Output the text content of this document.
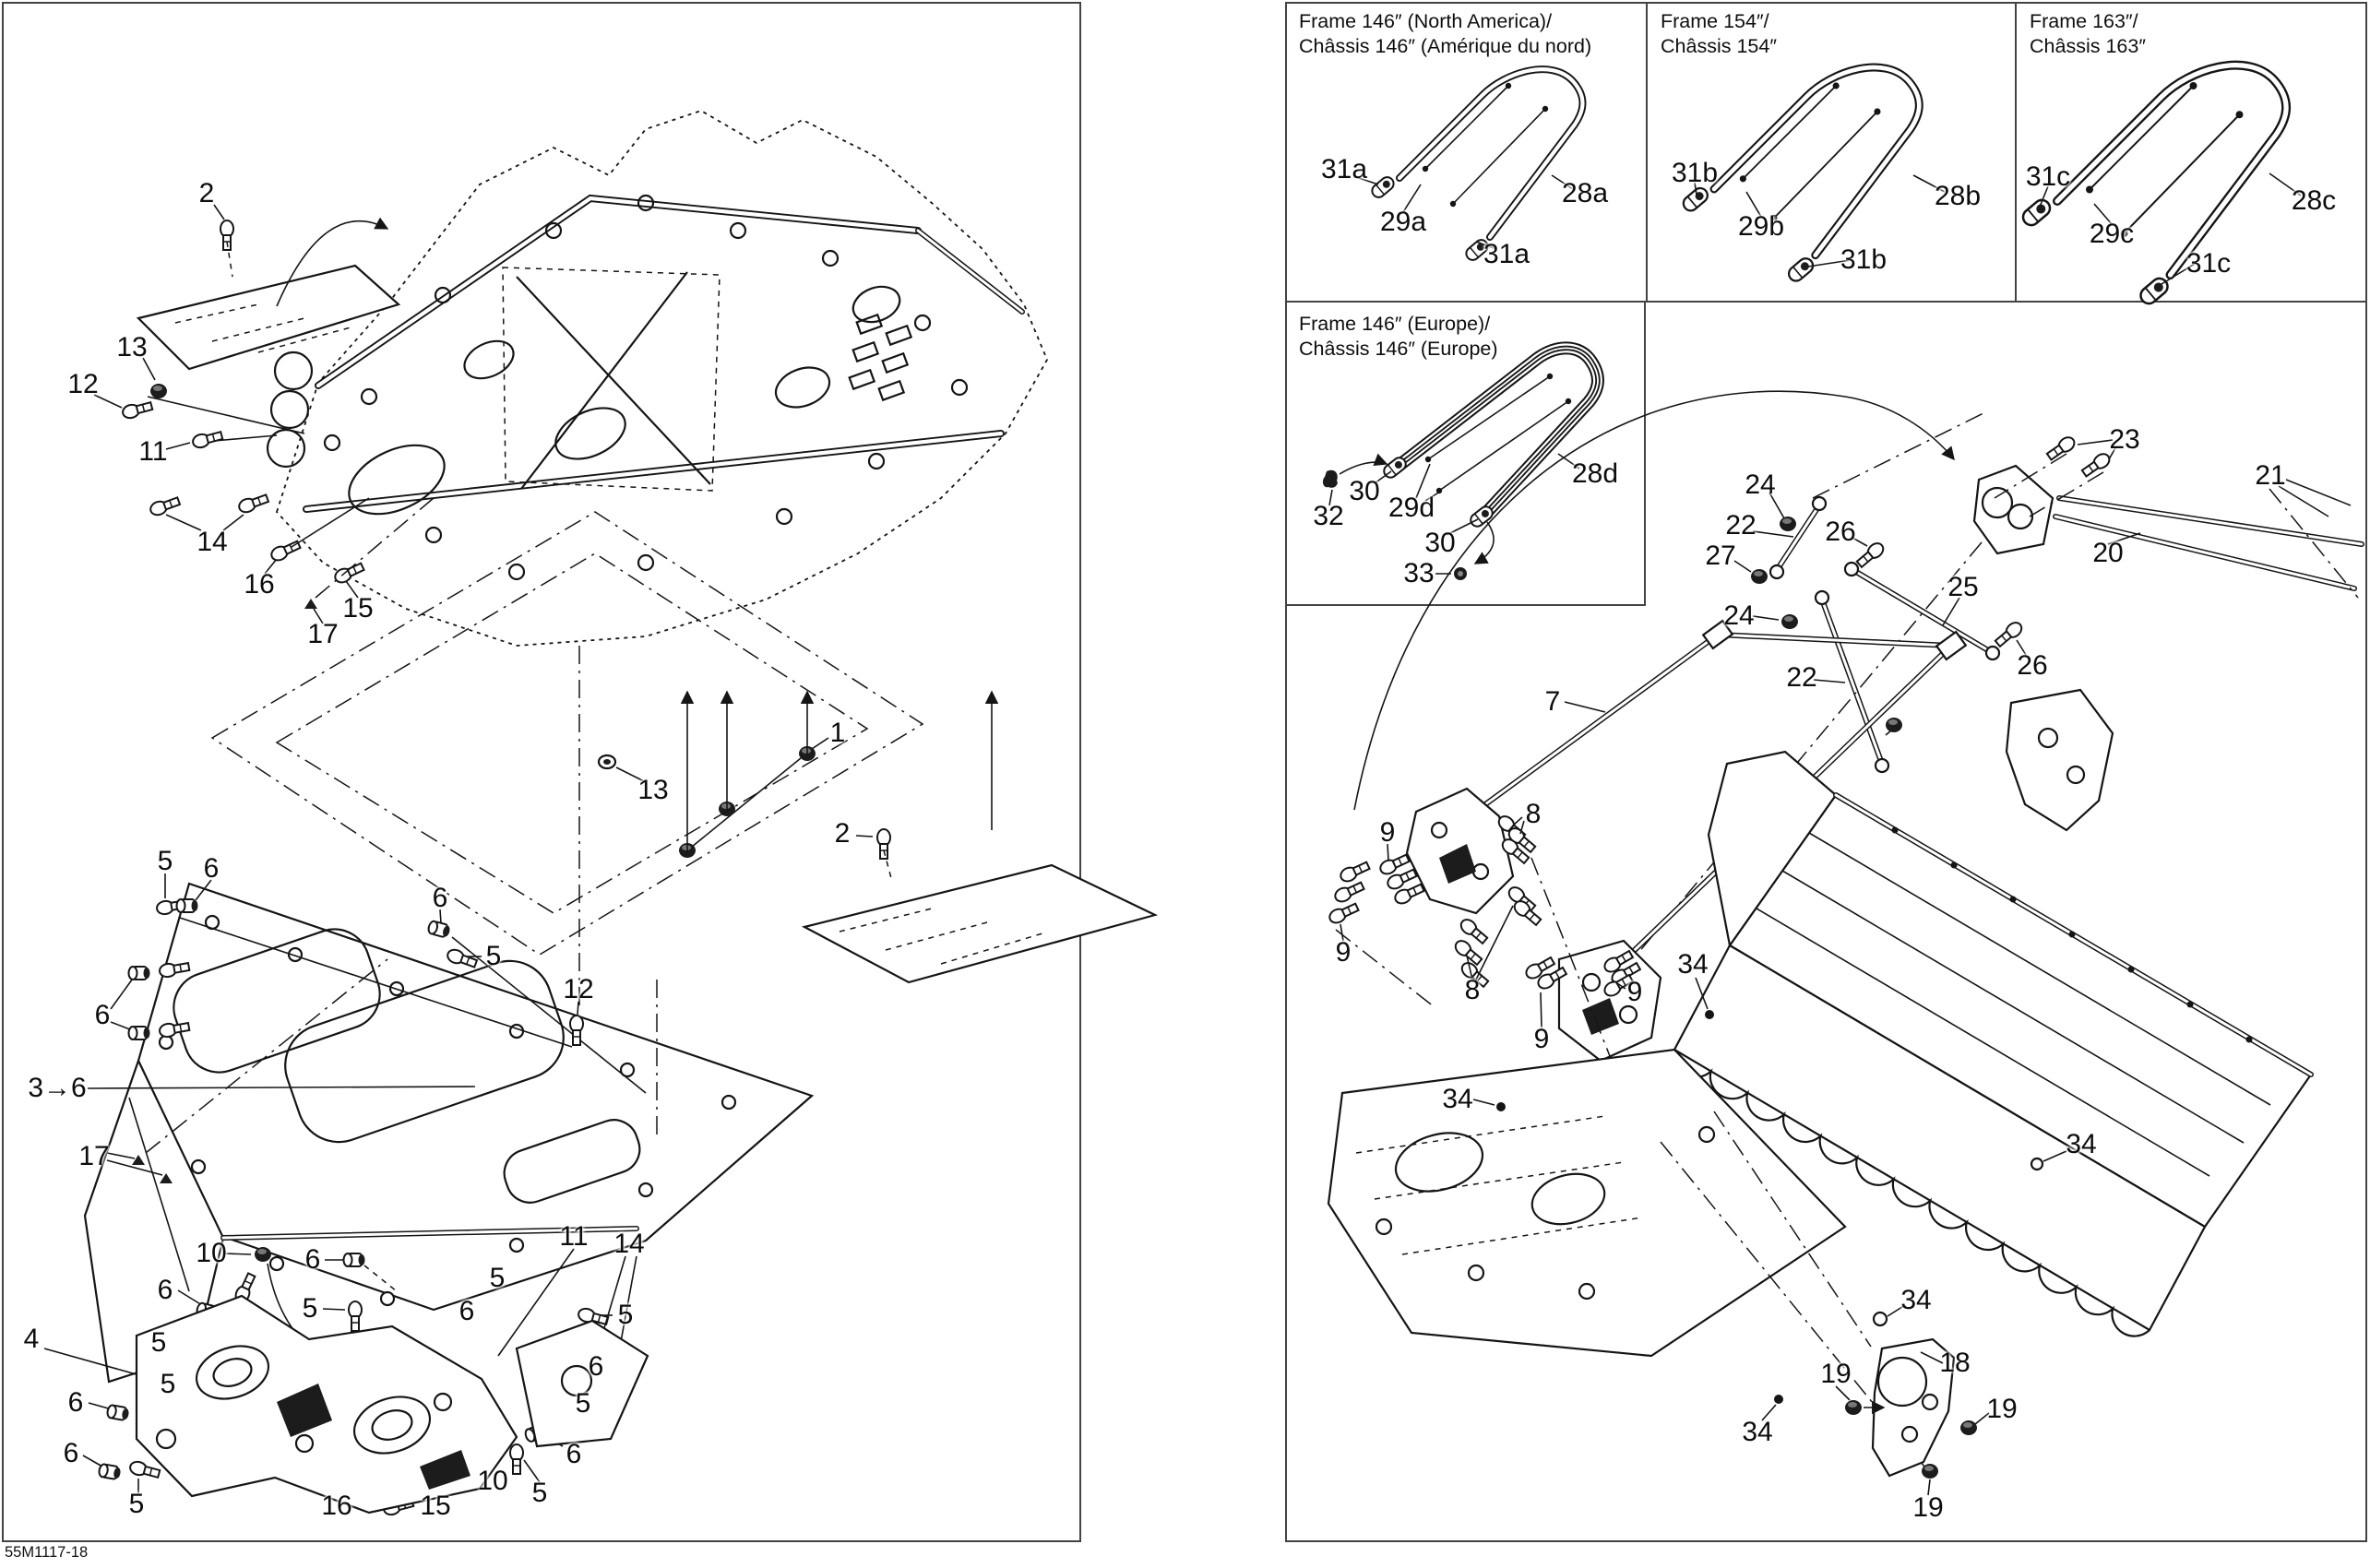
Frame 146″ (North America)/
Châssis 146″ (Amérique du nord)
Frame 154″/
Châssis 154″
Frame 163″/
Châssis 163″
Frame 146″ (Europe)/
Châssis 146″ (Europe)
2
13
12
11
14
16
15
17
1
13
2
5 6
6
5
12
6
3→6
17
10	6
11 14
5
6
5	6	5
4	5
6
5
6	5
6	6
10 5
5	16 15
23
21
24
22 26
27	20
25
24
26
22
7
8
9
9
8	9
9
34
34
34
34
18
19
19
34
19
31a
29a
28a
31a
31b
29b
28b
31b
31c
29c
28c
31c
30
32 29d
30
33
28d
55M1117-18
